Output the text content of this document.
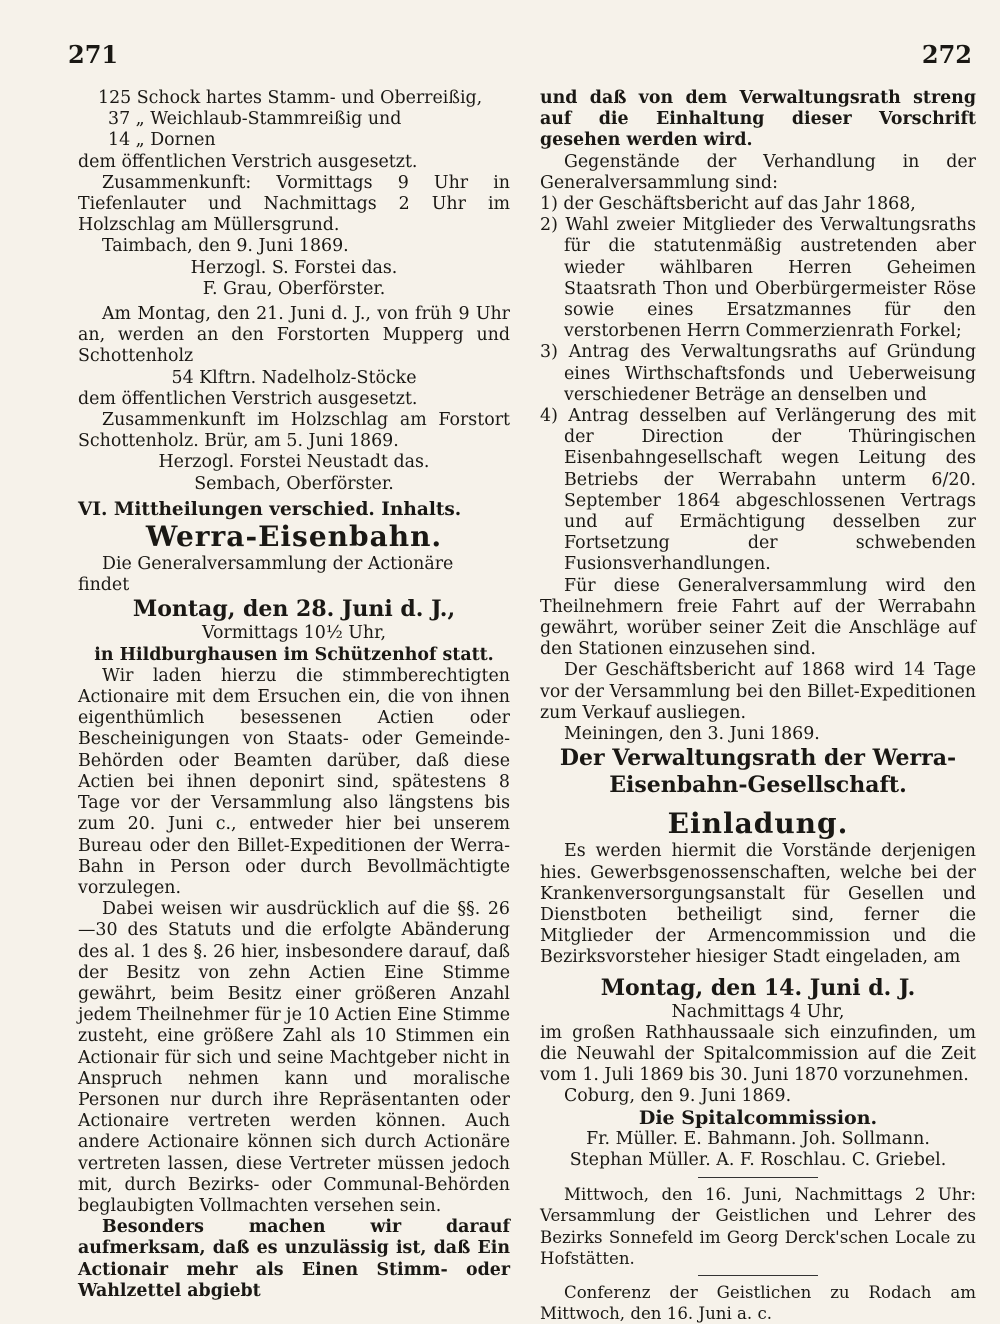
271	272

125 Schock hartes Stamm- und Oberreißig,

37 „ Weichlaub-Stammreißig und

14 „ Dornen

dem öffentlichen Verstrich ausgesetzt.

Zusammenkunft: Vormittags 9 Uhr in Tiefenlauter und Nachmittags 2 Uhr im Holzschlag am Müllersgrund.

Taimbach, den 9. Juni 1869.

Herzogl. S. Forstei das.

F. Grau, Oberförster.

Am Montag, den 21. Juni d. J., von früh 9 Uhr an, werden an den Forstorten Mupperg und Schottenholz

54 Klftrn. Nadelholz-Stöcke

dem öffentlichen Verstrich ausgesetzt.

Zusammenkunft im Holzschlag am Forstort Schottenholz. Brür, am 5. Juni 1869.

Herzogl. Forstei Neustadt das.

Sembach, Oberförster.

VI. Mittheilungen verschied. Inhalts.

Werra-Eisenbahn.

Die Generalversammlung der Actionäre findet

Montag, den 28. Juni d. J.,

Vormittags 10½ Uhr,

in Hildburghausen im Schützenhof statt.

Wir laden hierzu die stimmberechtigten Actionaire mit dem Ersuchen ein, die von ihnen eigenthümlich besessenen Actien oder Bescheinigungen von Staats- oder Gemeinde-Behörden oder Beamten darüber, daß diese Actien bei ihnen deponirt sind, spätestens 8 Tage vor der Versammlung also längstens bis zum 20. Juni c., entweder hier bei unserem Bureau oder den Billet-Expeditionen der Werra-Bahn in Person oder durch Bevollmächtigte vorzulegen.

Dabei weisen wir ausdrücklich auf die §§. 26—30 des Statuts und die erfolgte Abänderung des al. 1 des §. 26 hier, insbesondere darauf, daß der Besitz von zehn Actien Eine Stimme gewährt, beim Besitz einer größeren Anzahl jedem Theilnehmer für je 10 Actien Eine Stimme zusteht, eine größere Zahl als 10 Stimmen ein Actionair für sich und seine Machtgeber nicht in Anspruch nehmen kann und moralische Personen nur durch ihre Repräsentanten oder Actionaire vertreten werden können. Auch andere Actionaire können sich durch Actionäre vertreten lassen, diese Vertreter müssen jedoch mit, durch Bezirks- oder Communal-Behörden beglaubigten Vollmachten versehen sein.

Besonders machen wir darauf aufmerksam, daß es unzulässig ist, daß Ein Actionair mehr als Einen Stimm- oder Wahlzettel abgiebt

und daß von dem Verwaltungsrath streng auf die Einhaltung dieser Vorschrift gesehen werden wird.

Gegenstände der Verhandlung in der Generalversammlung sind:

1) der Geschäftsbericht auf das Jahr 1868,

2) Wahl zweier Mitglieder des Verwaltungsraths für die statutenmäßig austretenden aber wieder wählbaren Herren Geheimen Staatsrath Thon und Oberbürgermeister Röse sowie eines Ersatzmannes für den verstorbenen Herrn Commerzienrath Forkel;

3) Antrag des Verwaltungsraths auf Gründung eines Wirthschaftsfonds und Ueberweisung verschiedener Beträge an denselben und

4) Antrag desselben auf Verlängerung des mit der Direction der Thüringischen Eisenbahngesellschaft wegen Leitung des Betriebs der Werrabahn unterm 6/20. September 1864 abgeschlossenen Vertrags und auf Ermächtigung desselben zur Fortsetzung der schwebenden Fusionsverhandlungen.

Für diese Generalversammlung wird den Theilnehmern freie Fahrt auf der Werrabahn gewährt, worüber seiner Zeit die Anschläge auf den Stationen einzusehen sind.

Der Geschäftsbericht auf 1868 wird 14 Tage vor der Versammlung bei den Billet-Expeditionen zum Verkauf ausliegen.

Meiningen, den 3. Juni 1869.

Der Verwaltungsrath der Werra-Eisenbahn-Gesellschaft.

Einladung.

Es werden hiermit die Vorstände derjenigen hies. Gewerbsgenossenschaften, welche bei der Krankenversorgungsanstalt für Gesellen und Dienstboten betheiligt sind, ferner die Mitglieder der Armencommission und die Bezirksvorsteher hiesiger Stadt eingeladen, am

Montag, den 14. Juni d. J.

Nachmittags 4 Uhr,

im großen Rathhaussaale sich einzufinden, um die Neuwahl der Spitalcommission auf die Zeit vom 1. Juli 1869 bis 30. Juni 1870 vorzunehmen.

Coburg, den 9. Juni 1869.

Die Spitalcommission.

Fr. Müller. E. Bahmann. Joh. Sollmann.

Stephan Müller. A. F. Roschlau. C. Griebel.

Mittwoch, den 16. Juni, Nachmittags 2 Uhr: Versammlung der Geistlichen und Lehrer des Bezirks Sonnefeld im Georg Derck'schen Locale zu Hofstätten.

Conferenz der Geistlichen zu Rodach am Mittwoch, den 16. Juni a. c.
